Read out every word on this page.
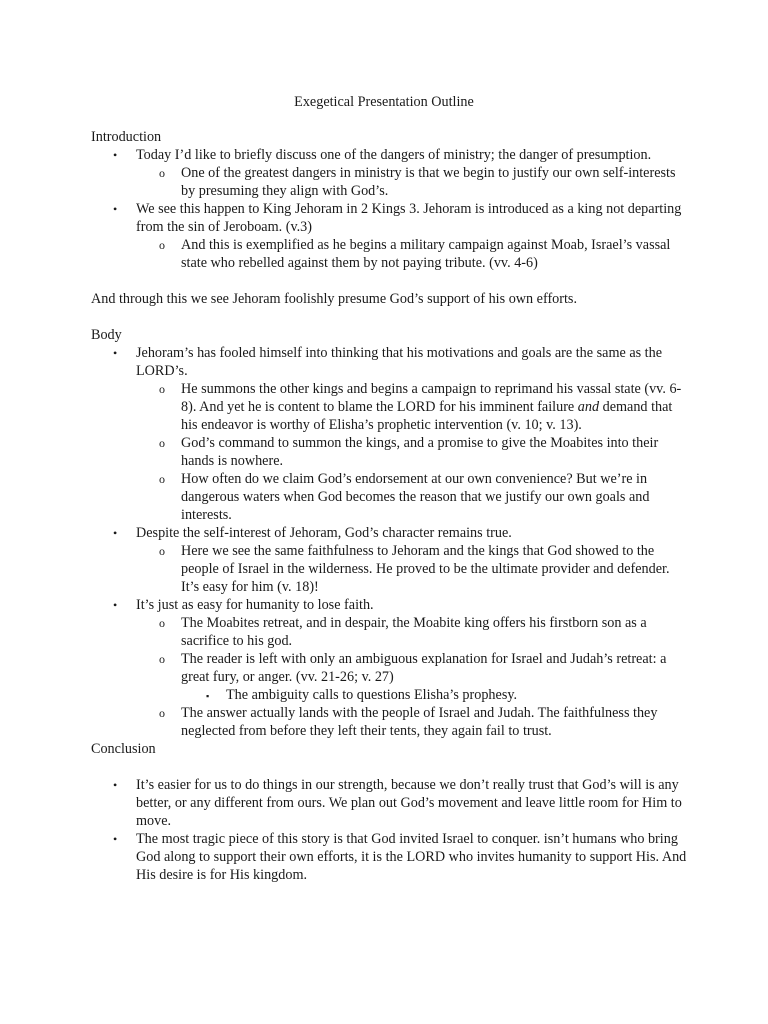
Exegetical Presentation Outline

Introduction

• Today I’d like to briefly discuss one of the dangers of ministry; the danger of presumption.
o One of the greatest dangers in ministry is that we begin to justify our own self-interests by presuming they align with God’s.
• We see this happen to King Jehoram in 2 Kings 3. Jehoram is introduced as a king not departing from the sin of Jeroboam. (v.3)
o And this is exemplified as he begins a military campaign against Moab, Israel’s vassal state who rebelled against them by not paying tribute. (vv. 4-6)

And through this we see Jehoram foolishly presume God’s support of his own efforts.

Body

• Jehoram’s has fooled himself into thinking that his motivations and goals are the same as the LORD’s.
o He summons the other kings and begins a campaign to reprimand his vassal state (vv. 6-8). And yet he is content to blame the LORD for his imminent failure and demand that his endeavor is worthy of Elisha’s prophetic intervention (v. 10; v. 13).
o God’s command to summon the kings, and a promise to give the Moabites into their hands is nowhere.
o How often do we claim God’s endorsement at our own convenience? But we’re in dangerous waters when God becomes the reason that we justify our own goals and interests.
• Despite the self-interest of Jehoram, God’s character remains true.
o Here we see the same faithfulness to Jehoram and the kings that God showed to the people of Israel in the wilderness. He proved to be the ultimate provider and defender. It’s easy for him (v. 18)!
• It’s just as easy for humanity to lose faith.
o The Moabites retreat, and in despair, the Moabite king offers his firstborn son as a sacrifice to his god.
o The reader is left with only an ambiguous explanation for Israel and Judah’s retreat: a great fury, or anger. (vv. 21-26; v. 27)
▪ The ambiguity calls to questions Elisha’s prophesy.
o The answer actually lands with the people of Israel and Judah. The faithfulness they neglected from before they left their tents, they again fail to trust.

Conclusion

• It’s easier for us to do things in our strength, because we don’t really trust that God’s will is any better, or any different from ours. We plan out God’s movement and leave little room for Him to move.
• The most tragic piece of this story is that God invited Israel to conquer. isn’t humans who bring God along to support their own efforts, it is the LORD who invites humanity to support His. And His desire is for His kingdom.
